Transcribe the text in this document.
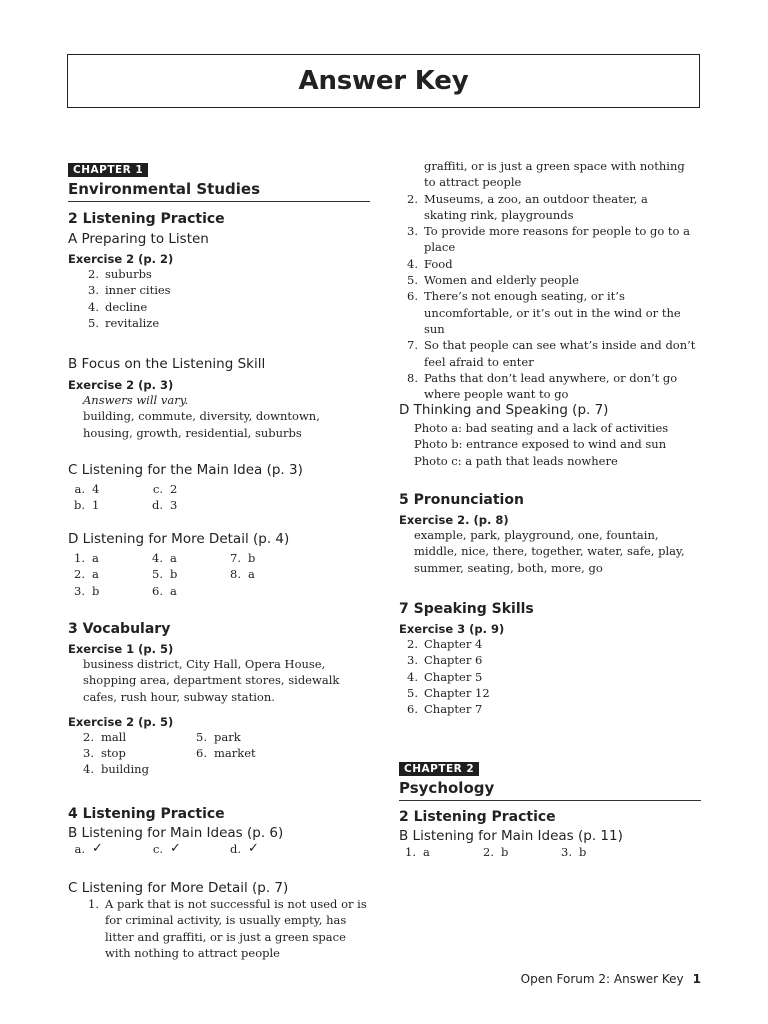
Answer Key
CHAPTER 1
Environmental Studies
2 Listening Practice
A Preparing to Listen
Exercise 2 (p. 2)
2. suburbs
3. inner cities
4. decline
5. revitalize
B Focus on the Listening Skill
Exercise 2 (p. 3)
Answers will vary.
building, commute, diversity, downtown, housing, growth, residential, suburbs
C Listening for the Main Idea (p. 3)
a. 4	c. 2
b. 1	d. 3
D Listening for More Detail (p. 4)
1. a	4. a	7. b
2. a	5. b	8. a
3. b	6. a
3 Vocabulary
Exercise 1 (p. 5)
business district, City Hall, Opera House, shopping area, department stores, sidewalk cafes, rush hour, subway station.
Exercise 2 (p. 5)
2. mall	5. park
3. stop	6. market
4. building
4 Listening Practice
B Listening for Main Ideas (p. 6)
a. ✓	c. ✓	d. ✓
C Listening for More Detail (p. 7)
1. A park that is not successful is not used or is for criminal activity, is usually empty, has litter and graffiti, or is just a green space with nothing to attract people
graffiti, or is just a green space with nothing to attract people
2. Museums, a zoo, an outdoor theater, a skating rink, playgrounds
3. To provide more reasons for people to go to a place
4. Food
5. Women and elderly people
6. There’s not enough seating, or it’s uncomfortable, or it’s out in the wind or the sun
7. So that people can see what’s inside and don’t feel afraid to enter
8. Paths that don’t lead anywhere, or don’t go where people want to go
D Thinking and Speaking (p. 7)
Photo a: bad seating and a lack of activities
Photo b: entrance exposed to wind and sun
Photo c: a path that leads nowhere
5 Pronunciation
Exercise 2. (p. 8)
example, park, playground, one, fountain, middle, nice, there, together, water, safe, play, summer, seating, both, more, go
7 Speaking Skills
Exercise 3 (p. 9)
2. Chapter 4
3. Chapter 6
4. Chapter 5
5. Chapter 12
6. Chapter 7
CHAPTER 2
Psychology
2 Listening Practice
B Listening for Main Ideas (p. 11)
1. a	2. b	3. b
Open Forum 2: Answer Key 1
